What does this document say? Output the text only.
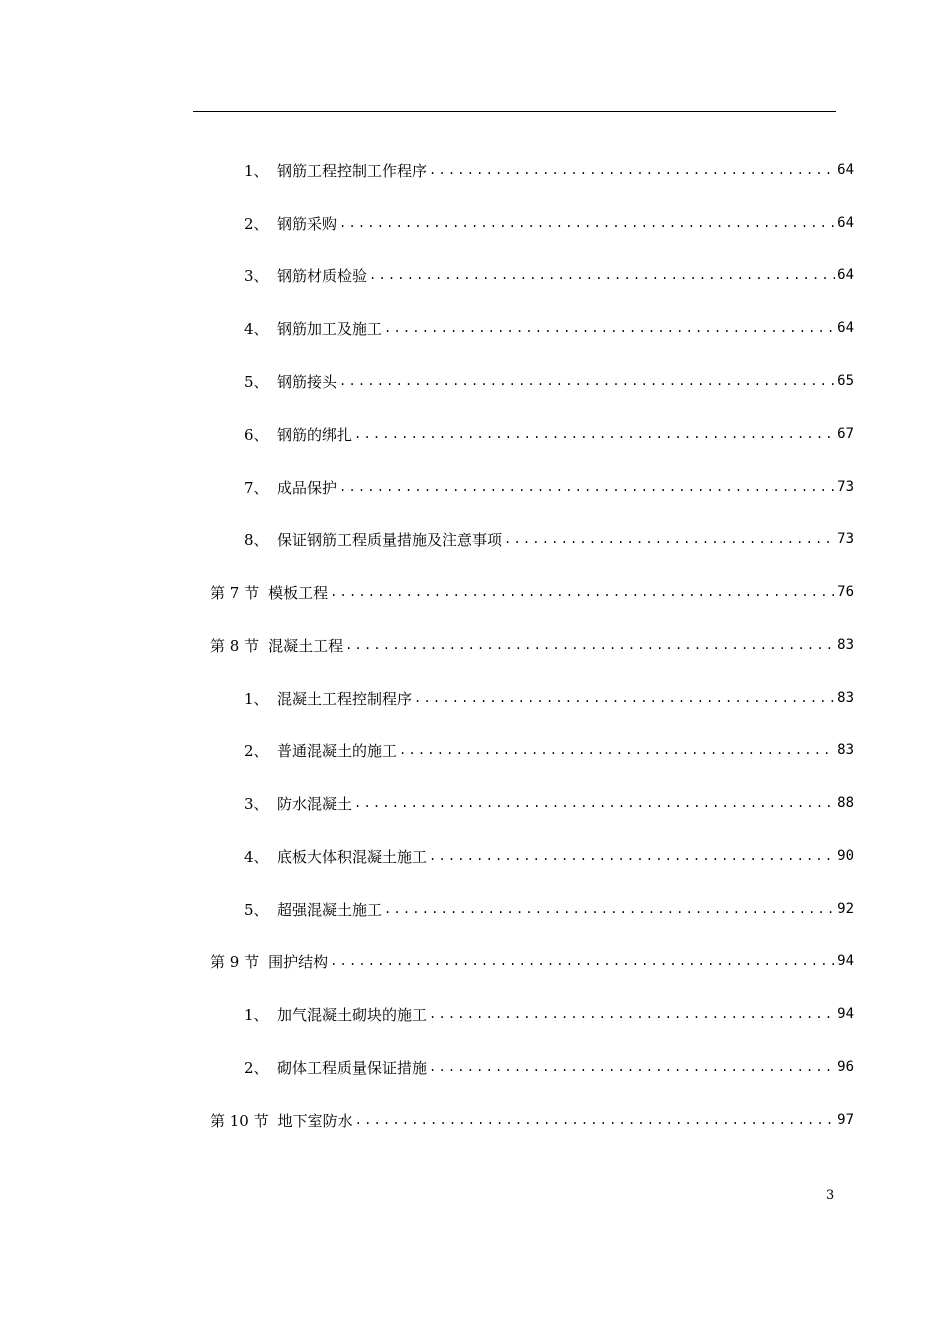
1、 钢筋工程控制工作程序 .....	64
2、 钢筋采购 .....	64
3、 钢筋材质检验 .....	64
4、 钢筋加工及施工 .....	64
5、 钢筋接头 .....	65
6、 钢筋的绑扎 .....	67
7、 成品保护 .....	73
8、 保证钢筋工程质量措施及注意事项 .....	73
第 7 节 模板工程 .....	76
第 8 节 混凝土工程 .....	83
1、 混凝土工程控制程序 .....	83
2、 普通混凝土的施工 .....	83
3、 防水混凝土 .....	88
4、 底板大体积混凝土施工 .....	90
5、 超强混凝土施工 .....	92
第 9 节 围护结构 .....	94
1、 加气混凝土砌块的施工 .....	94
2、 砌体工程质量保证措施 .....	96
第 10 节 地下室防水 .....	97
3
